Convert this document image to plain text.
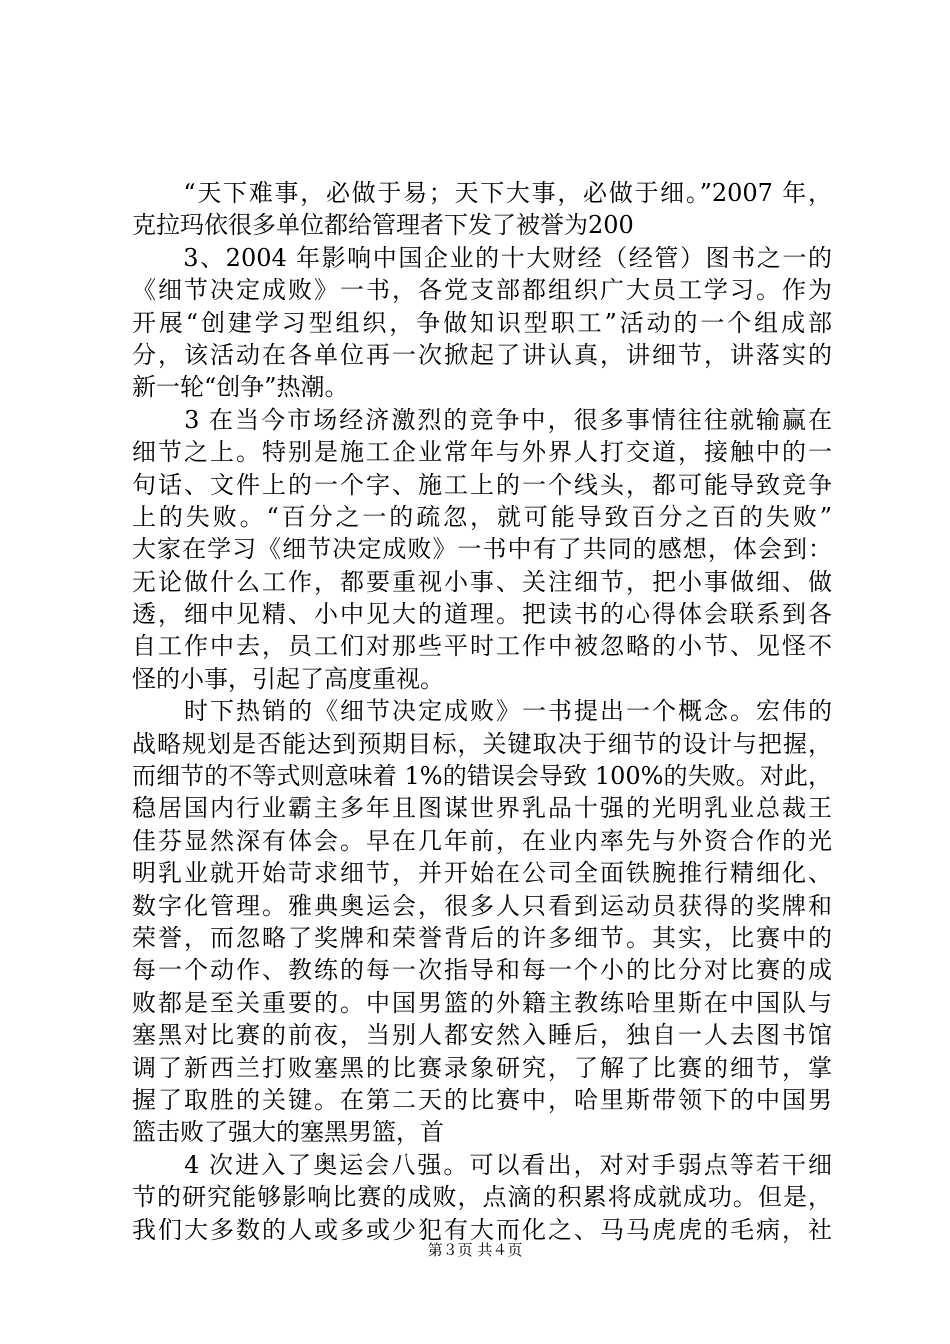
　　“天下难事，必做于易；天下大事，必做于细。”2007 年，
克拉玛依很多单位都给管理者下发了被誉为200
　　3、2004 年影响中国企业的十大财经（经管）图书之一的
《细节决定成败》一书，各党支部都组织广大员工学习。作为
开展“创建学习型组织，争做知识型职工”活动的一个组成部
分，该活动在各单位再一次掀起了讲认真，讲细节，讲落实的
新一轮“创争”热潮。
　　3 在当今市场经济激烈的竞争中，很多事情往往就输赢在
细节之上。特别是施工企业常年与外界人打交道，接触中的一
句话、文件上的一个字、施工上的一个线头，都可能导致竞争
上的失败。“百分之一的疏忽，就可能导致百分之百的失败”
大家在学习《细节决定成败》一书中有了共同的感想，体会到：
无论做什么工作，都要重视小事、关注细节，把小事做细、做
透，细中见精、小中见大的道理。把读书的心得体会联系到各
自工作中去，员工们对那些平时工作中被忽略的小节、见怪不
怪的小事，引起了高度重视。
　　时下热销的《细节决定成败》一书提出一个概念。宏伟的
战略规划是否能达到预期目标，关键取决于细节的设计与把握，
而细节的不等式则意味着 1%的错误会导致 100%的失败。对此，
稳居国内行业霸主多年且图谋世界乳品十强的光明乳业总裁王
佳芬显然深有体会。早在几年前，在业内率先与外资合作的光
明乳业就开始苛求细节，并开始在公司全面铁腕推行精细化、
数字化管理。雅典奥运会，很多人只看到运动员获得的奖牌和
荣誉，而忽略了奖牌和荣誉背后的许多细节。其实，比赛中的
每一个动作、教练的每一次指导和每一个小的比分对比赛的成
败都是至关重要的。中国男篮的外籍主教练哈里斯在中国队与
塞黑对比赛的前夜，当别人都安然入睡后，独自一人去图书馆
调了新西兰打败塞黑的比赛录象研究，了解了比赛的细节，掌
握了取胜的关键。在第二天的比赛中，哈里斯带领下的中国男
篮击败了强大的塞黑男篮，首
　　4 次进入了奥运会八强。可以看出，对对手弱点等若干细
节的研究能够影响比赛的成败，点滴的积累将成就成功。但是，
我们大多数的人或多或少犯有大而化之、马马虎虎的毛病，社
第３页 共４页
